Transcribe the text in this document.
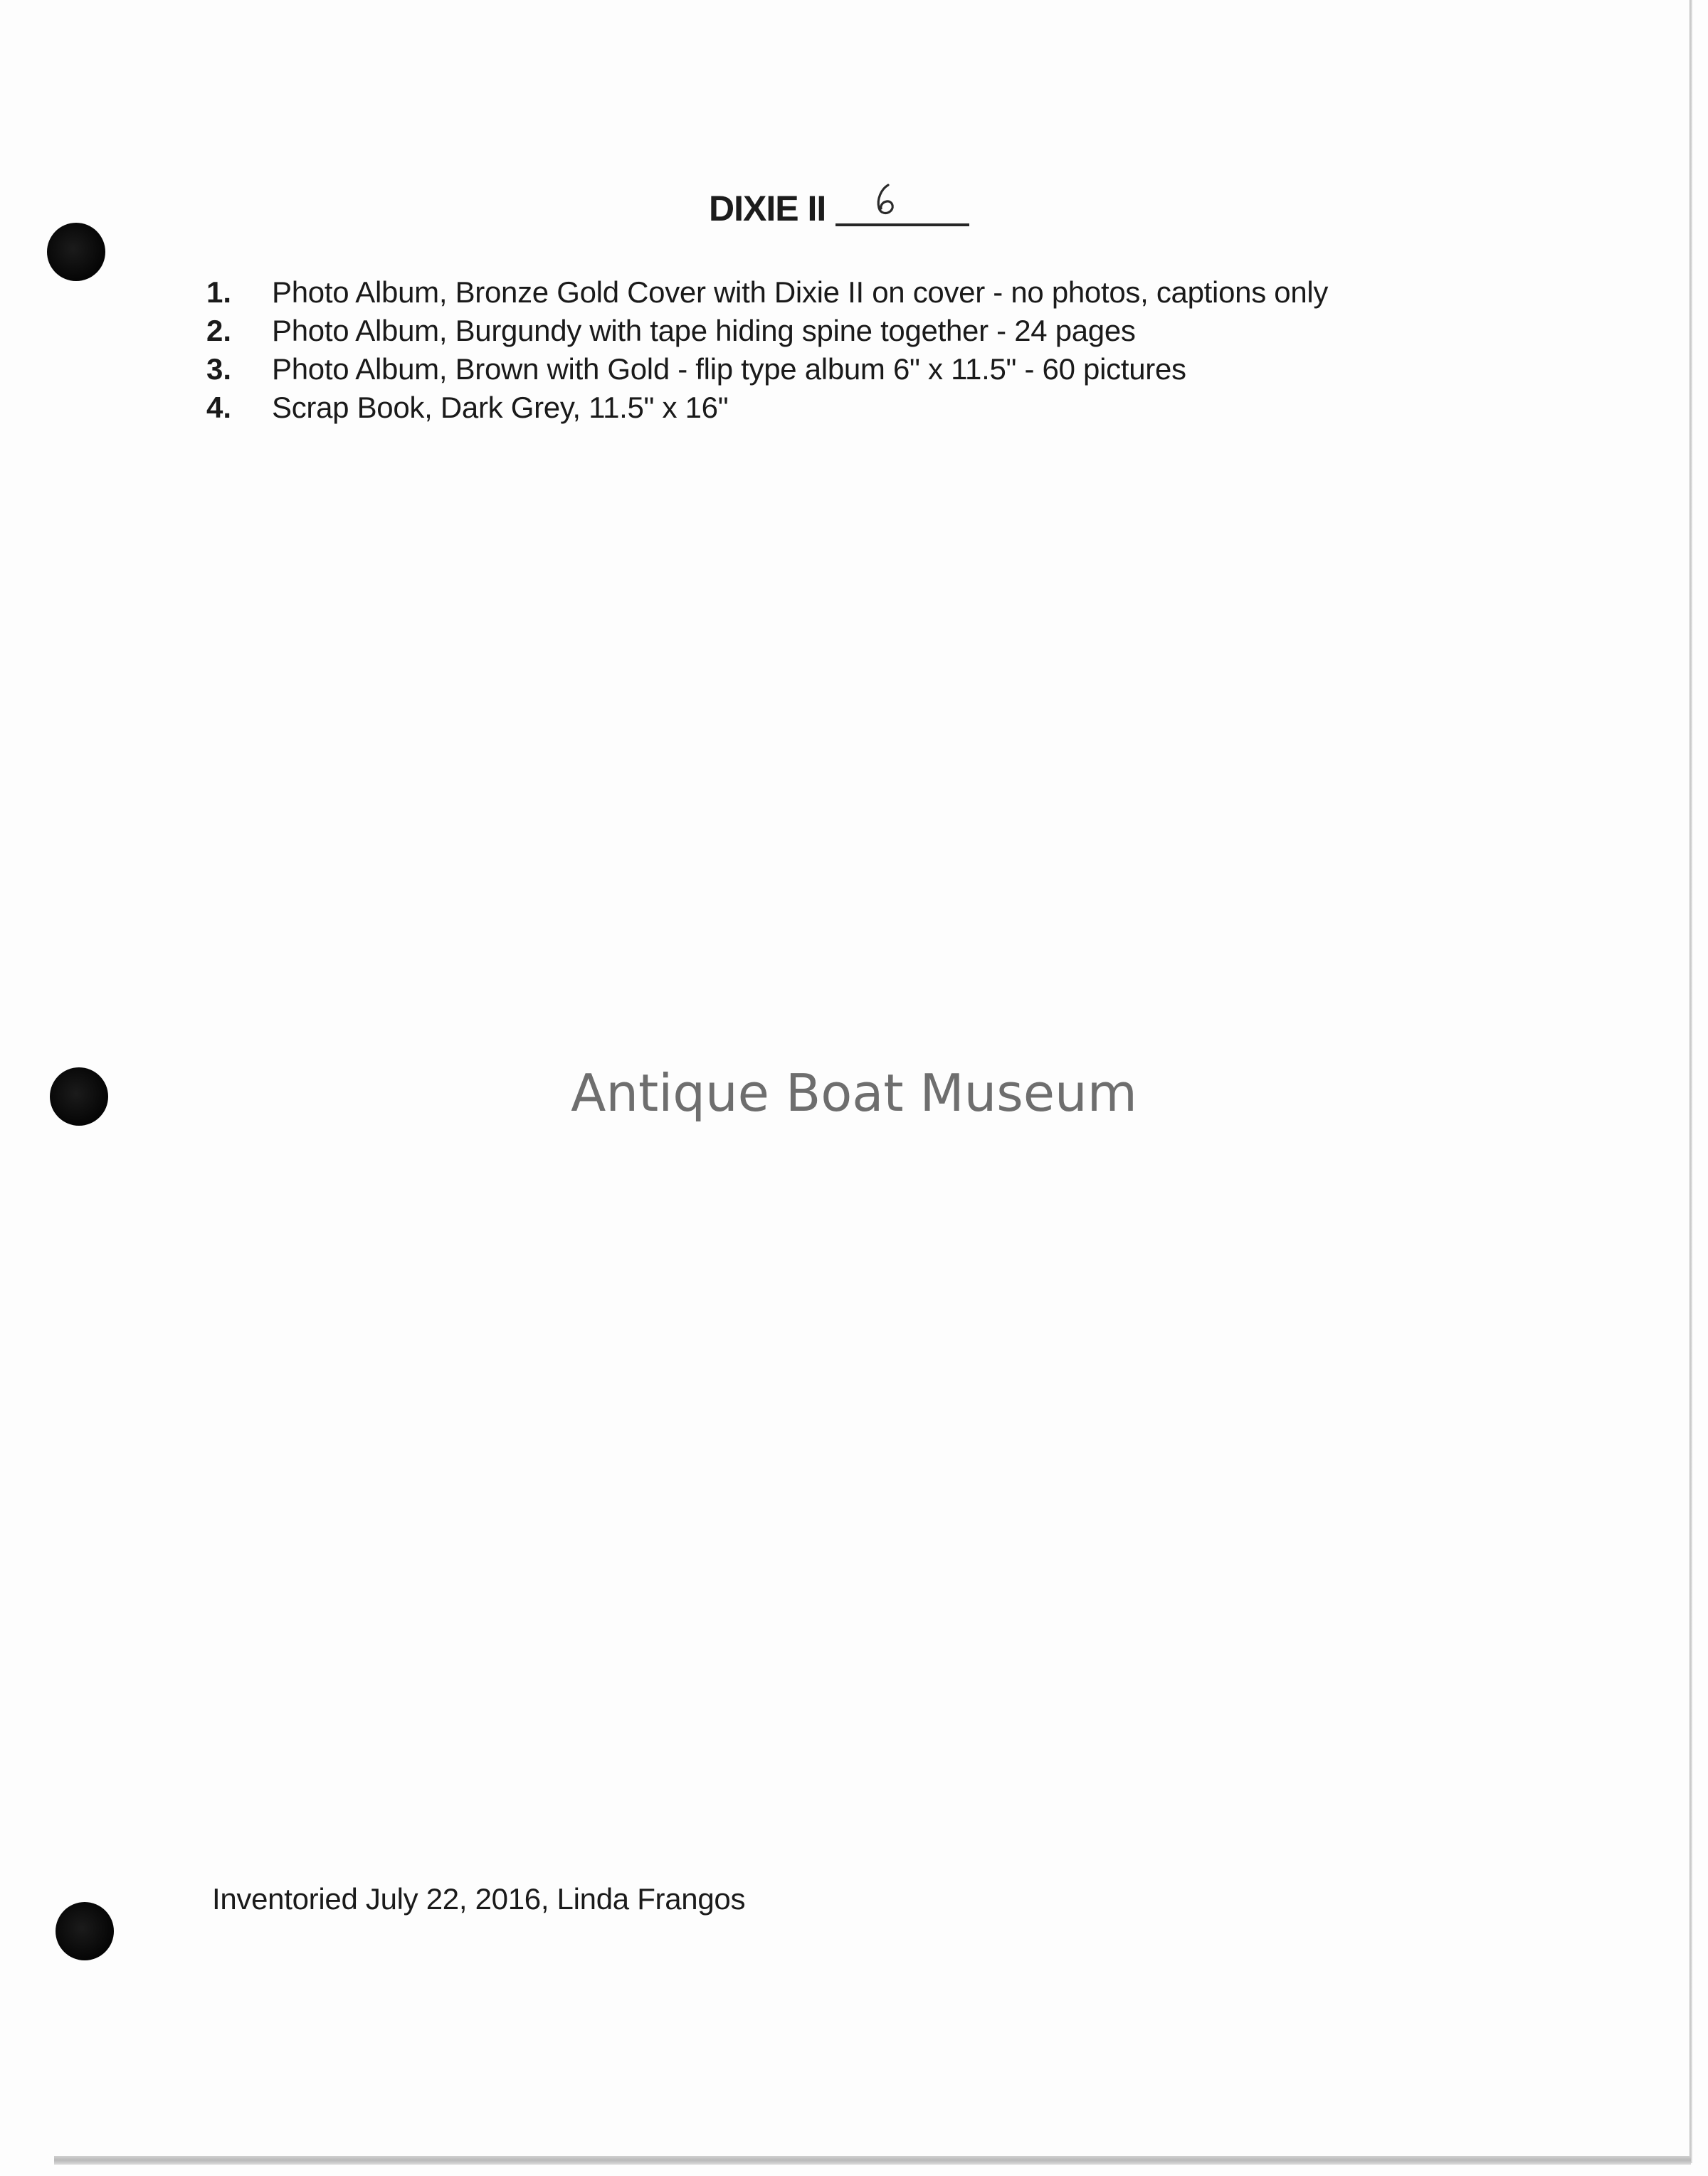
DIXIE II
1.	Photo Album, Bronze Gold Cover with Dixie II on cover - no photos, captions only
2.	Photo Album, Burgundy with tape hiding spine together - 24 pages
3.	Photo Album, Brown with Gold - flip type album 6" x 11.5" - 60 pictures
4.	Scrap Book, Dark Grey, 11.5" x 16"
Antique Boat Museum
Inventoried July 22, 2016, Linda Frangos
